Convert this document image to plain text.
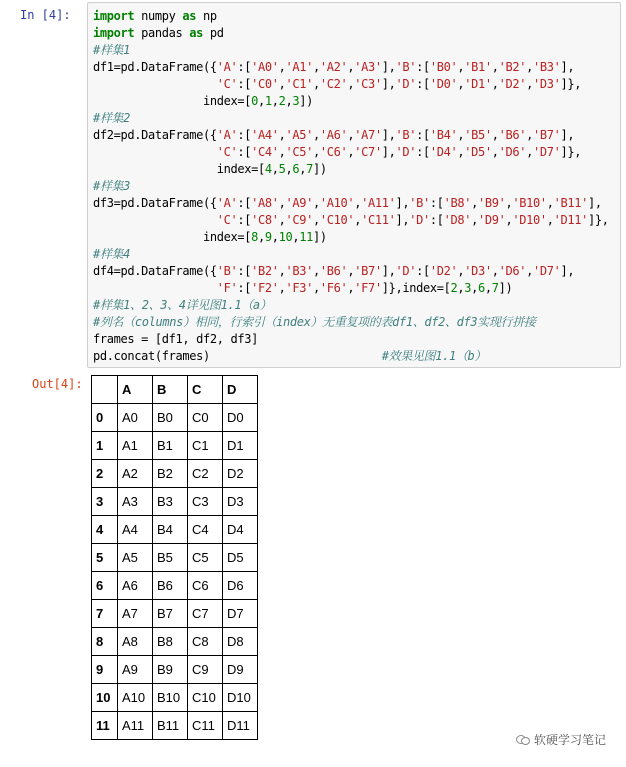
In [4]: import numpy as np
import pandas as pd
#样集1
df1=pd.DataFrame({'A':['A0','A1','A2','A3'],'B':['B0','B1','B2','B3'],
'C':['C0','C1','C2','C3'],'D':['D0','D1','D2','D3']},
index=[0,1,2,3])
#样集2
df2=pd.DataFrame({'A':['A4','A5','A6','A7'],'B':['B4','B5','B6','B7'],
'C':['C4','C5','C6','C7'],'D':['D4','D5','D6','D7']},
index=[4,5,6,7])
#样集3
df3=pd.DataFrame({'A':['A8','A9','A10','A11'],'B':['B8','B9','B10','B11'],
'C':['C8','C9','C10','C11'],'D':['D8','D9','D10','D11']},
index=[8,9,10,11])
#样集4
df4=pd.DataFrame({'B':['B2','B3','B6','B7'],'D':['D2','D3','D6','D7'],
'F':['F2','F3','F6','F7']},index=[2,3,6,7])
#样集1、2、3、4详见图1.1（a）
#列名（columns）相同，行索引（index）无重复项的表df1、df2、df3实现行拼接
frames = [df1, df2, df3]
pd.concat(frames)                         #效果见图1.1（b）
Out[4]:
		A	B	C	D
0	A0	B0	C0	D0
1	A1	B1	C1	D1
2	A2	B2	C2	D2
3	A3	B3	C3	D3
4	A4	B4	C4	D4
5	A5	B5	C5	D5
6	A6	B6	C6	D6
7	A7	B7	C7	D7
8	A8	B8	C8	D8
9	A9	B9	C9	D9
10	A10	B10	C10	D10
11	A11	B11	C11	D11
软硬学习笔记
